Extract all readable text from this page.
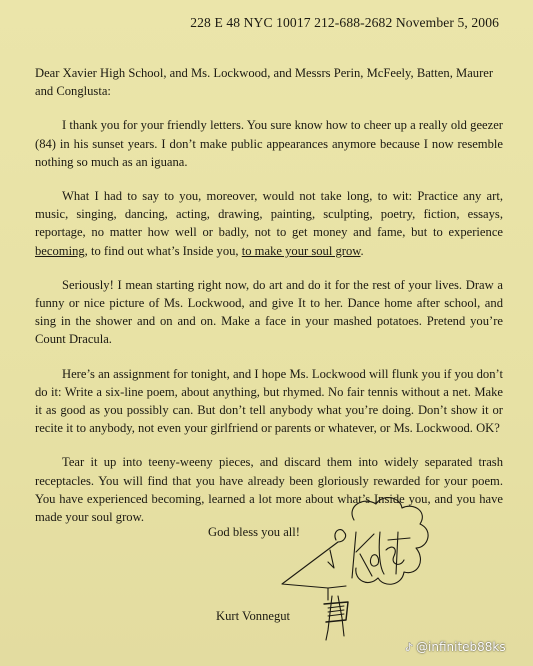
228 E 48 NYC 10017 212-688-2682 November 5, 2006

Dear Xavier High School, and Ms. Lockwood, and Messrs Perin, McFeely, Batten, Maurer and Conglusta:

I thank you for your friendly letters. You sure know how to cheer up a really old geezer (84) in his sunset years. I don’t make public appearances anymore because I now resemble nothing so much as an iguana.

What I had to say to you, moreover, would not take long, to wit: Practice any art, music, singing, dancing, acting, drawing, painting, sculpting, poetry, fiction, essays, reportage, no matter how well or badly, not to get money and fame, but to experience becoming, to find out what’s Inside you, to make your soul grow.

Seriously! I mean starting right now, do art and do it for the rest of your lives. Draw a funny or nice picture of Ms. Lockwood, and give It to her. Dance home after school, and sing in the shower and on and on. Make a face in your mashed potatoes. Pretend you’re Count Dracula.

Here’s an assignment for tonight, and I hope Ms. Lockwood will flunk you if you don’t do it: Write a six-line poem, about anything, but rhymed. No fair tennis without a net. Make it as good as you possibly can. But don’t tell anybody what you’re doing. Don’t show it or recite it to anybody, not even your girlfriend or parents or whatever, or Ms. Lockwood. OK?

Tear it up into teeny-weeny pieces, and discard them into widely separated trash receptacles. You will find that you have already been gloriously rewarded for your poem. You have experienced becoming, learned a lot more about what’s Inside you, and you have made your soul grow.

God bless you all!
Kurt Vonnegut
@infiniteb88ks
